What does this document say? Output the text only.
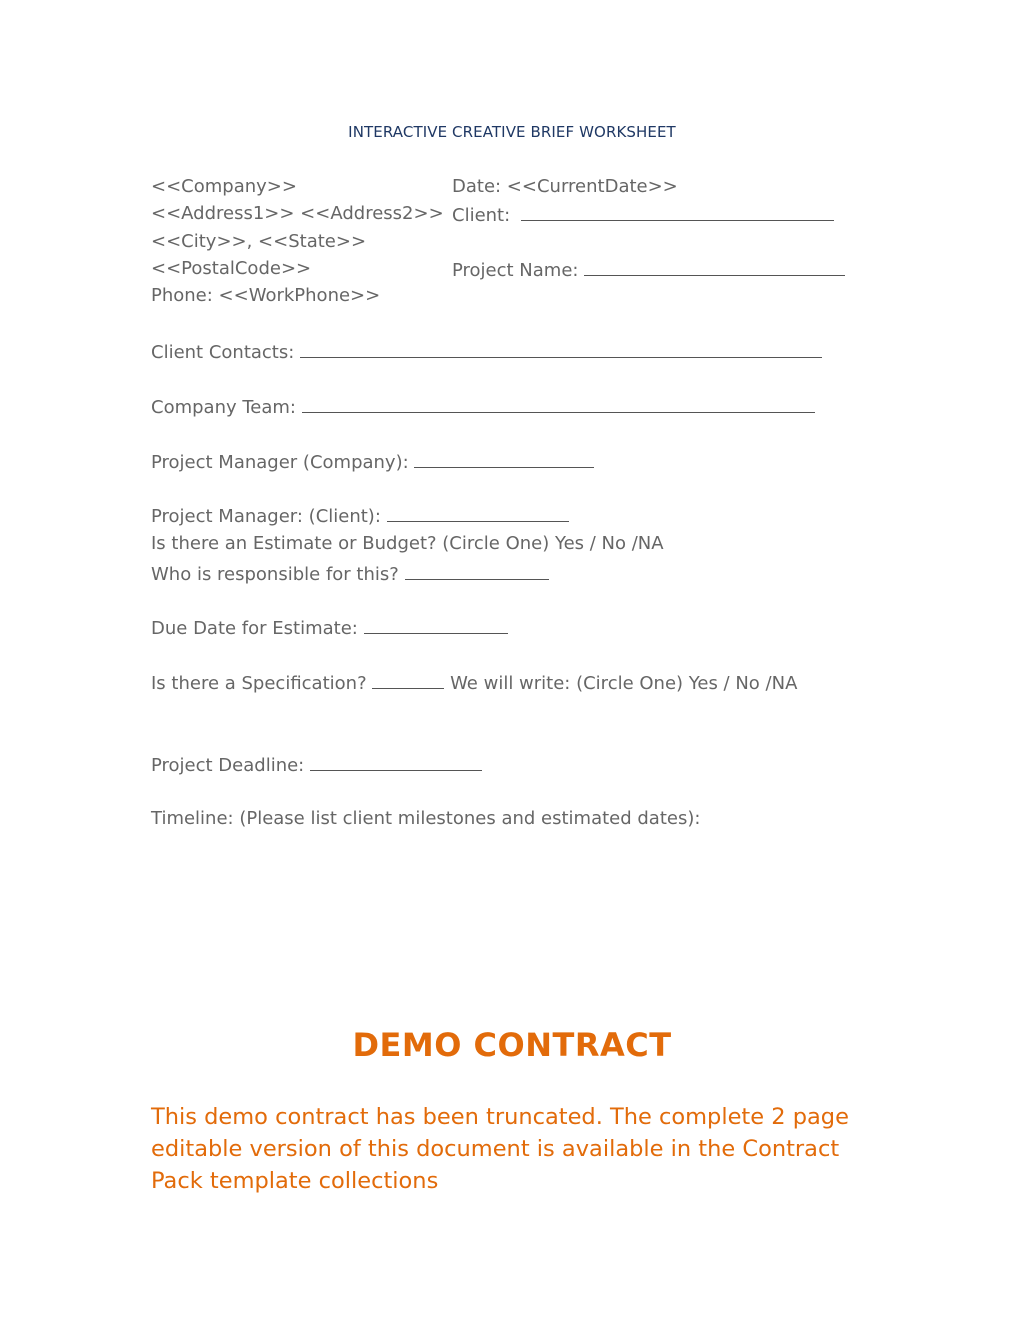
INTERACTIVE CREATIVE BRIEF WORKSHEET
<<Company>>
<<Address1>> <<Address2>>
<<City>>, <<State>>
<<PostalCode>>
Phone: <<WorkPhone>>
Date: <<CurrentDate>>
Client:
Project Name:
Client Contacts:
Company Team:
Project Manager (Company):
Project Manager: (Client):
Is there an Estimate or Budget? (Circle One) Yes / No /NA
Who is responsible for this?
Due Date for Estimate:
Is there a Specification?	We will write: (Circle One) Yes / No /NA
Project Deadline:
Timeline: (Please list client milestones and estimated dates):
DEMO CONTRACT
This demo contract has been truncated. The complete 2 page editable version of this document is available in the Contract Pack template collections
